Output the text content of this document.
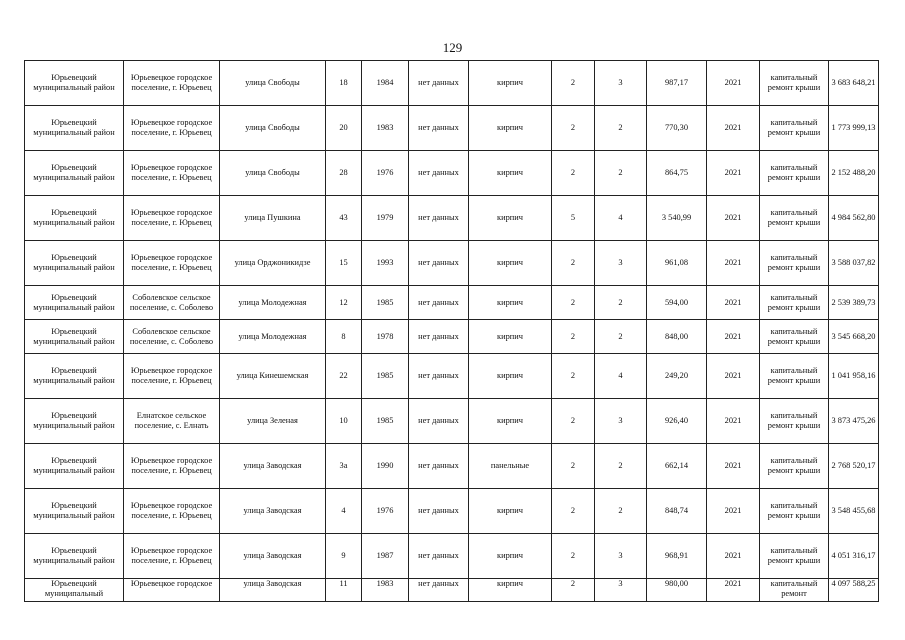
129
Юрьевецкий муниципальный район	Юрьевецкое городское поселение, г. Юрьевец	улица Свободы	18	1984	нет данных	кирпич	2	3	987,17	2021	капитальный ремонт крыши	3 683 648,21
Юрьевецкий муниципальный район	Юрьевецкое городское поселение, г. Юрьевец	улица Свободы	20	1983	нет данных	кирпич	2	2	770,30	2021	капитальный ремонт крыши	1 773 999,13
Юрьевецкий муниципальный район	Юрьевецкое городское поселение, г. Юрьевец	улица Свободы	28	1976	нет данных	кирпич	2	2	864,75	2021	капитальный ремонт крыши	2 152 488,20
Юрьевецкий муниципальный район	Юрьевецкое городское поселение, г. Юрьевец	улица Пушкина	43	1979	нет данных	кирпич	5	4	3 540,99	2021	капитальный ремонт крыши	4 984 562,80
Юрьевецкий муниципальный район	Юрьевецкое городское поселение, г. Юрьевец	улица Орджоникидзе	15	1993	нет данных	кирпич	2	3	961,08	2021	капитальный ремонт крыши	3 588 037,82
Юрьевецкий муниципальный район	Соболевское сельское поселение, с. Соболево	улица Молодежная	12	1985	нет данных	кирпич	2	2	594,00	2021	капитальный ремонт крыши	2 539 389,73
Юрьевецкий муниципальный район	Соболевское сельское поселение, с. Соболево	улица Молодежная	8	1978	нет данных	кирпич	2	2	848,00	2021	капитальный ремонт крыши	3 545 668,20
Юрьевецкий муниципальный район	Юрьевецкое городское поселение, г. Юрьевец	улица Кинешемская	22	1985	нет данных	кирпич	2	4	249,20	2021	капитальный ремонт крыши	1 041 958,16
Юрьевецкий муниципальный район	Елнатское сельское поселение, с. Елнать	улица Зеленая	10	1985	нет данных	кирпич	2	3	926,40	2021	капитальный ремонт крыши	3 873 475,26
Юрьевецкий муниципальный район	Юрьевецкое городское поселение, г. Юрьевец	улица Заводская	3а	1990	нет данных	панельные	2	2	662,14	2021	капитальный ремонт крыши	2 768 520,17
Юрьевецкий муниципальный район	Юрьевецкое городское поселение, г. Юрьевец	улица Заводская	4	1976	нет данных	кирпич	2	2	848,74	2021	капитальный ремонт крыши	3 548 455,68
Юрьевецкий муниципальный район	Юрьевецкое городское поселение, г. Юрьевец	улица Заводская	9	1987	нет данных	кирпич	2	3	968,91	2021	капитальный ремонт крыши	4 051 316,17
Юрьевецкий муниципальный	Юрьевецкое городское	улица Заводская	11	1983	нет данных	кирпич	2	3	980,00	2021	капитальный ремонт	4 097 588,25
